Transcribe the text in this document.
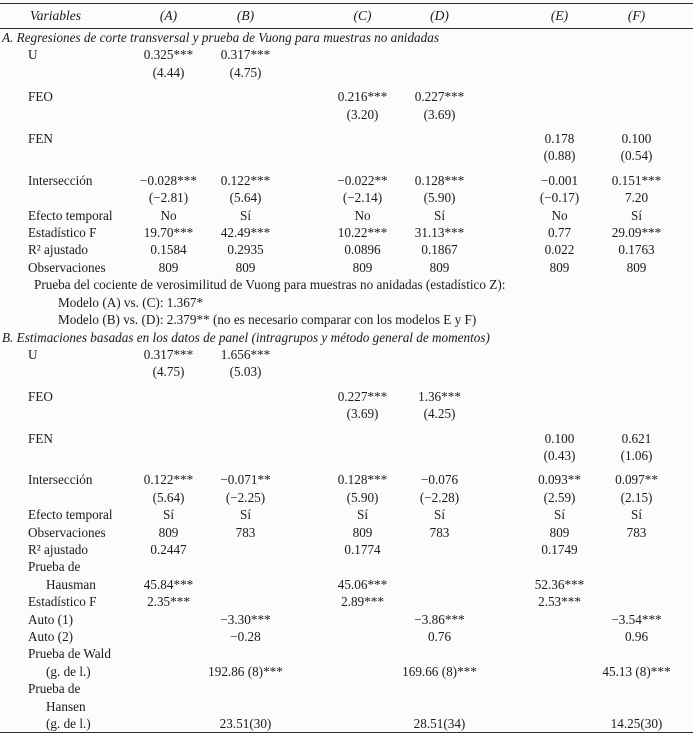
Variables	(A)	(B)		(C)	(D)		(E)	(F)	
A. Regresiones de corte transversal y prueba de Vuong para muestras no anidadas									
U	0.325***	0.317***							
	(4.44)	(4.75)							
FEO				0.216***	0.227***				
				(3.20)	(3.69)				
FEN							0.178	0.100	
							(0.88)	(0.54)	
Intersección	−0.028***	0.122***		−0.022**	0.128***		−0.001	0.151***	
	(−2.81)	(5.64)		(−2.14)	(5.90)		(−0.17)	7.20	
Efecto temporal	No	Sí		No	Sí		No	Sí	
Estadístico F	19.70***	42.49***		10.22***	31.13***		0.77	29.09***	
R² ajustado	0.1584	0.2935		0.0896	0.1867		0.022	0.1763	
Observaciones	809	809		809	809		809	809	
Prueba del cociente de verosimilitud de Vuong para muestras no anidadas (estadístico Z):									
Modelo (A) vs. (C): 1.367*									
Modelo (B) vs. (D): 2.379** (no es necesario comparar con los modelos E y F)									
B. Estimaciones basadas en los datos de panel (intragrupos y método general de momentos)									
U	0.317***	1.656***							
	(4.75)	(5.03)							
FEO				0.227***	1.36***				
				(3.69)	(4.25)				
FEN							0.100	0.621	
							(0.43)	(1.06)	
Intersección	0.122***	−0.071**		0.128***	−0.076		0.093**	0.097**	
	(5.64)	(−2.25)		(5.90)	(−2.28)		(2.59)	(2.15)	
Efecto temporal	Sí	Sí		Sí	Sí		Sí	Sí	
Observaciones	809	783		809	783		809	783	
R² ajustado	0.2447			0.1774			0.1749		
Prueba de									
Hausman	45.84***			45.06***			52.36***		
Estadístico F	2.35***			2.89***			2.53***		
Auto (1)		−3.30***			−3.86***			−3.54***	
Auto (2)		−0.28			0.76			0.96	
Prueba de Wald									
(g. de l.)		192.86 (8)***			169.66 (8)***			45.13 (8)***	
Prueba de									
Hansen									
(g. de l.)		23.51(30)			28.51(34)			14.25(30)	
